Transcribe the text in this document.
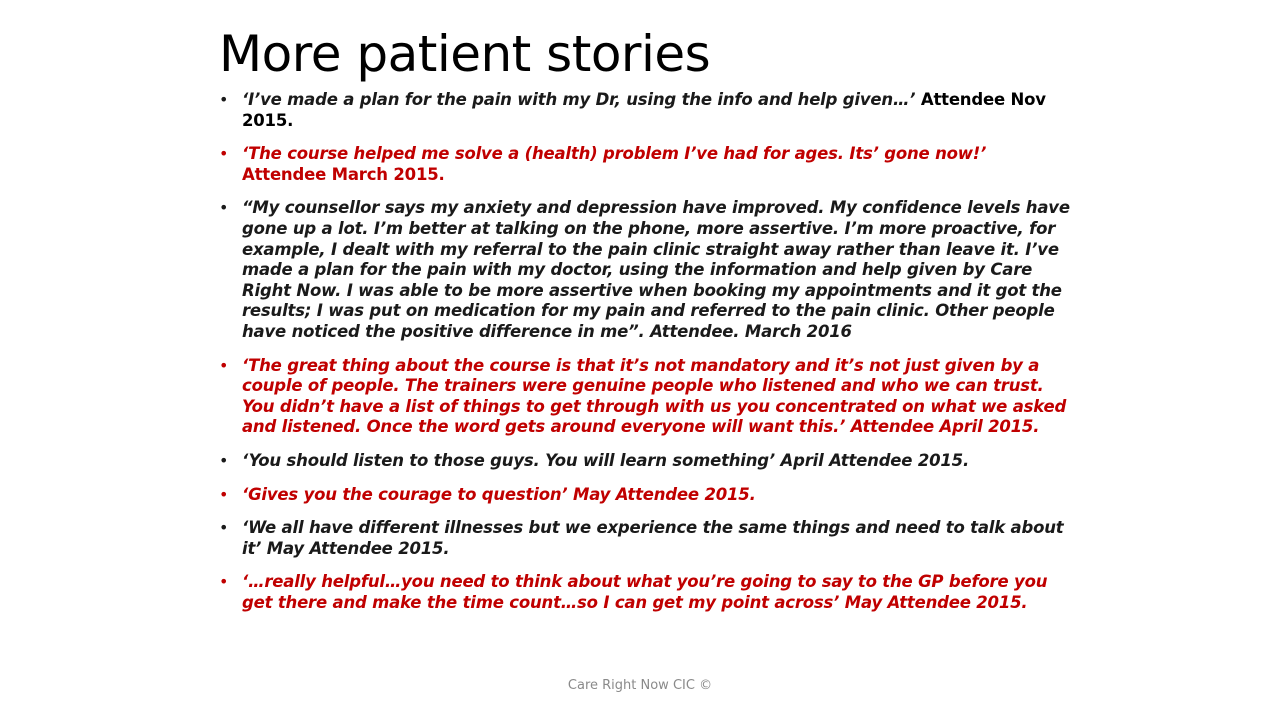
More patient stories
• ‘I’ve made a plan for the pain with my Dr, using the info and help given…’ Attendee Nov 2015.
• ‘The course helped me solve a (health) problem I’ve had for ages. Its’ gone now!’
Attendee March 2015.
• “My counsellor says my anxiety and depression have improved. My confidence levels have gone up a lot. I’m better at talking on the phone, more assertive. I’m more proactive, for example, I dealt with my referral to the pain clinic straight away rather than leave it. I’ve made a plan for the pain with my doctor, using the information and help given by Care Right Now. I was able to be more assertive when booking my appointments and it got the results; I was put on medication for my pain and referred to the pain clinic. Other people have noticed the positive difference in me”. Attendee. March 2016
• ‘The great thing about the course is that it’s not mandatory and it’s not just given by a couple of people. The trainers were genuine people who listened and who we can trust. You didn’t have a list of things to get through with us you concentrated on what we asked and listened. Once the word gets around everyone will want this.’ Attendee April 2015.
• ‘You should listen to those guys. You will learn something’ April Attendee 2015.
• ‘Gives you the courage to question’ May Attendee 2015.
• ‘We all have different illnesses but we experience the same things and need to talk about it’ May Attendee 2015.
• ‘…really helpful…you need to think about what you’re going to say to the GP before you get there and make the time count…so I can get my point across’ May Attendee 2015.
Care Right Now CIC ©
